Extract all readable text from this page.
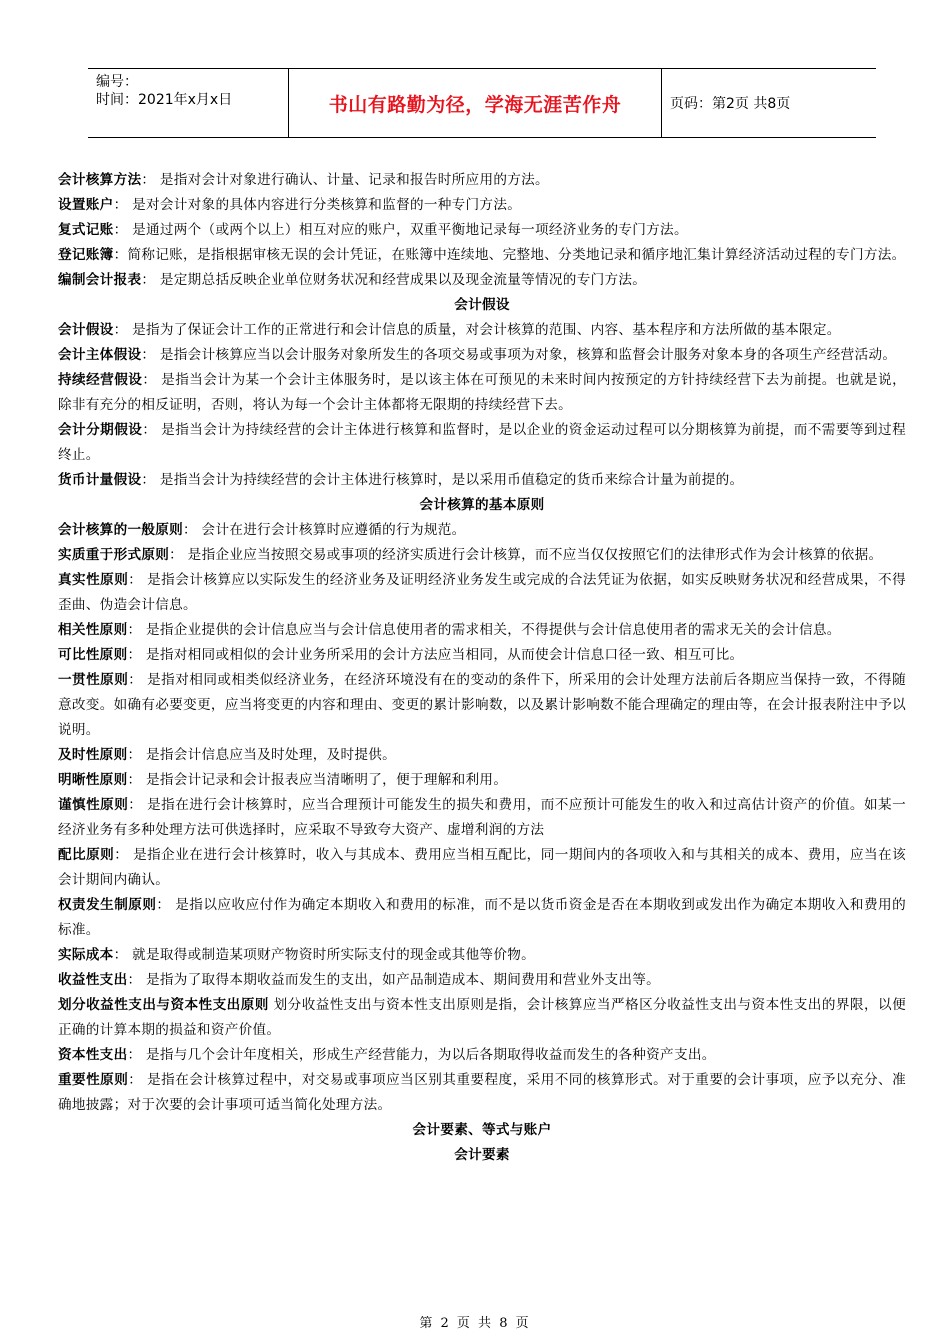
编号：
时间：2021年x月x日	书山有路勤为径，学海无涯苦作舟	页码：第2页 共8页

会计核算方法： 是指对会计对象进行确认、计量、记录和报告时所应用的方法。

设置账户： 是对会计对象的具体内容进行分类核算和监督的一种专门方法。

复式记账： 是通过两个（或两个以上）相互对应的账户，双重平衡地记录每一项经济业务的专门方法。

登记账簿：简称记账，是指根据审核无误的会计凭证，在账簿中连续地、完整地、分类地记录和循序地汇集计算经济活动过程的专门方法。

编制会计报表： 是定期总括反映企业单位财务状况和经营成果以及现金流量等情况的专门方法。

会计假设

会计假设： 是指为了保证会计工作的正常进行和会计信息的质量，对会计核算的范围、内容、基本程序和方法所做的基本限定。

会计主体假设： 是指会计核算应当以会计服务对象所发生的各项交易或事项为对象，核算和监督会计服务对象本身的各项生产经营活动。

持续经营假设： 是指当会计为某一个会计主体服务时，是以该主体在可预见的未来时间内按预定的方针持续经营下去为前提。也就是说，除非有充分的相反证明，否则，将认为每一个会计主体都将无限期的持续经营下去。

会计分期假设： 是指当会计为持续经营的会计主体进行核算和监督时，是以企业的资金运动过程可以分期核算为前提，而不需要等到过程终止。

货币计量假设： 是指当会计为持续经营的会计主体进行核算时，是以采用币值稳定的货币来综合计量为前提的。

会计核算的基本原则

会计核算的一般原则： 会计在进行会计核算时应遵循的行为规范。

实质重于形式原则： 是指企业应当按照交易或事项的经济实质进行会计核算，而不应当仅仅按照它们的法律形式作为会计核算的依据。

真实性原则： 是指会计核算应以实际发生的经济业务及证明经济业务发生或完成的合法凭证为依据，如实反映财务状况和经营成果，不得歪曲、伪造会计信息。

相关性原则： 是指企业提供的会计信息应当与会计信息使用者的需求相关，不得提供与会计信息使用者的需求无关的会计信息。

可比性原则： 是指对相同或相似的会计业务所采用的会计方法应当相同，从而使会计信息口径一致、相互可比。

一贯性原则： 是指对相同或相类似经济业务，在经济环境没有在的变动的条件下，所采用的会计处理方法前后各期应当保持一致，不得随意改变。如确有必要变更，应当将变更的内容和理由、变更的累计影响数，以及累计影响数不能合理确定的理由等，在会计报表附注中予以说明。

及时性原则： 是指会计信息应当及时处理，及时提供。

明晰性原则： 是指会计记录和会计报表应当清晰明了，便于理解和利用。

谨慎性原则： 是指在进行会计核算时，应当合理预计可能发生的损失和费用，而不应预计可能发生的收入和过高估计资产的价值。如某一经济业务有多种处理方法可供选择时，应采取不导致夸大资产、虚增利润的方法

配比原则： 是指企业在进行会计核算时，收入与其成本、费用应当相互配比，同一期间内的各项收入和与其相关的成本、费用，应当在该会计期间内确认。

权责发生制原则： 是指以应收应付作为确定本期收入和费用的标准，而不是以货币资金是否在本期收到或发出作为确定本期收入和费用的标准。

实际成本： 就是取得或制造某项财产物资时所实际支付的现金或其他等价物。

收益性支出： 是指为了取得本期收益而发生的支出，如产品制造成本、期间费用和营业外支出等。

划分收益性支出与资本性支出原则 划分收益性支出与资本性支出原则是指，会计核算应当严格区分收益性支出与资本性支出的界限，以便正确的计算本期的损益和资产价值。

资本性支出： 是指与几个会计年度相关，形成生产经营能力，为以后各期取得收益而发生的各种资产支出。

重要性原则： 是指在会计核算过程中，对交易或事项应当区别其重要程度，采用不同的核算形式。对于重要的会计事项，应予以充分、准确地披露；对于次要的会计事项可适当简化处理方法。

会计要素、等式与账户

会计要素

第 2 页 共 8 页
